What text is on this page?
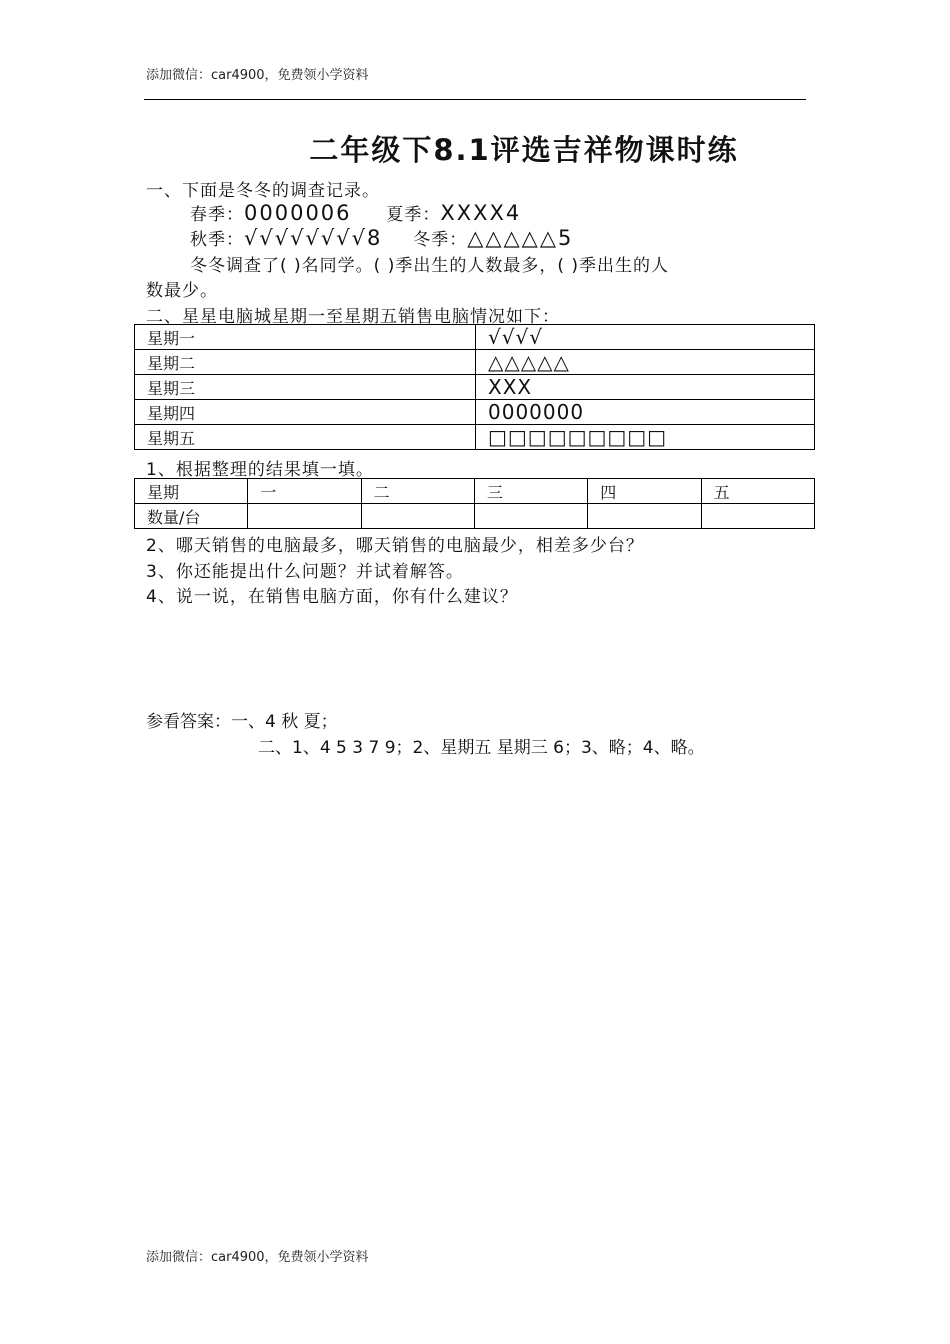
添加微信：car4900，免费领小学资料
二年级下8.1评选吉祥物课时练
一、下面是冬冬的调查记录。
春季：0000006 夏季：XXXX4
秋季：√√√√√√√√8 冬季：△△△△△5
冬冬调查了( )名同学。( )季出生的人数最多，( )季出生的人
数最少。
二、星星电脑城星期一至星期五销售电脑情况如下：
星期一	√√√√
星期二	△△△△△
星期三	XXX
星期四	0000000
星期五	□□□□□□□□□
1、根据整理的结果填一填。
星期	一	二	三	四	五
数量/台					
2、哪天销售的电脑最多，哪天销售的电脑最少，相差多少台？
3、你还能提出什么问题？并试着解答。
4、说一说，在销售电脑方面，你有什么建议？
参看答案：一、4 秋 夏；
二、1、4 5 3 7 9；2、星期五 星期三 6；3、略；4、略。
添加微信：car4900，免费领小学资料
